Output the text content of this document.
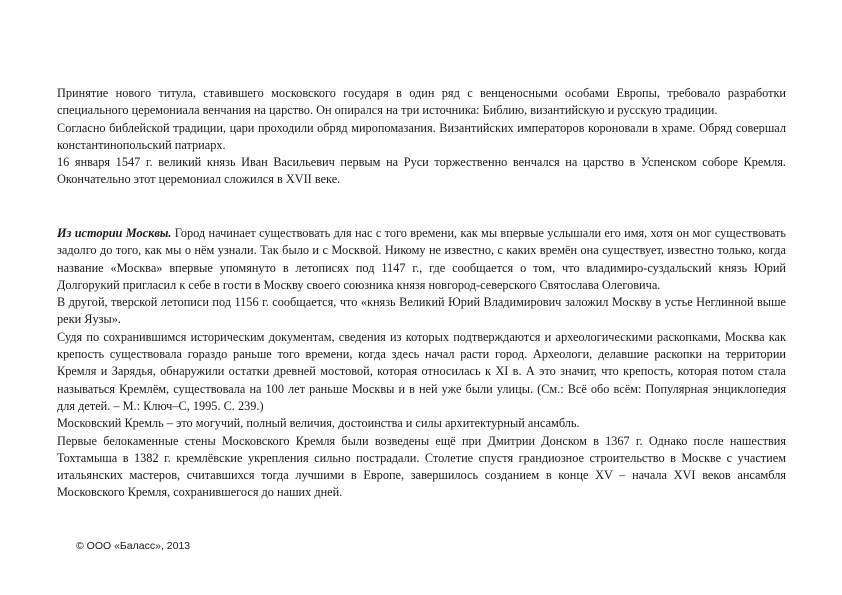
Принятие нового титула, ставившего московского государя в один ряд с венценосными особами Европы, требовало разработки специального церемониала венчания на царство. Он опирался на три источника: Библию, византийскую и русскую традиции.

Согласно библейской традиции, цари проходили обряд миропомазания. Византийских императоров короновали в храме. Обряд совершал константинопольский патриарх.

16 января 1547 г. великий князь Иван Васильевич первым на Руси торжественно венчался на царство в Успенском соборе Кремля. Окончательно этот церемониал сложился в XVII веке.

Из истории Москвы. Город начинает существовать для нас с того времени, как мы впервые услышали его имя, хотя он мог существовать задолго до того, как мы о нём узнали. Так было и с Москвой. Никому не известно, с каких времён она существует, известно только, когда название «Москва» впервые упомянуто в летописях под 1147 г., где сообщается о том, что владимиро-суздальский князь Юрий Долгорукий пригласил к себе в гости в Москву своего союзника князя новгород-северского Святослава Олеговича.

В другой, тверской летописи под 1156 г. сообщается, что «князь Великий Юрий Владимирович заложил Москву в устье Неглинной выше реки Яузы».

Судя по сохранившимся историческим документам, сведения из которых подтверждаются и археологическими раскопками, Москва как крепость существовала гораздо раньше того времени, когда здесь начал расти город. Археологи, делавшие раскопки на территории Кремля и Зарядья, обнаружили остатки древней мостовой, которая относилась к XI в. А это значит, что крепость, которая потом стала называться Кремлём, существовала на 100 лет раньше Москвы и в ней уже были улицы. (См.: Всё обо всём: Популярная энциклопедия для детей. – М.: Ключ–С, 1995. С. 239.)

Московский Кремль – это могучий, полный величия, достоинства и силы архитектурный ансамбль.

Первые белокаменные стены Московского Кремля были возведены ещё при Дмитрии Донском в 1367 г. Однако после нашествия Тохтамыша в 1382 г. кремлёвские укрепления сильно пострадали. Столетие спустя грандиозное строительство в Москве с участием итальянских мастеров, считавшихся тогда лучшими в Европе, завершилось созданием в конце XV – начала XVI веков ансамбля Московского Кремля, сохранившегося до наших дней.

© ООО «Баласс», 2013
